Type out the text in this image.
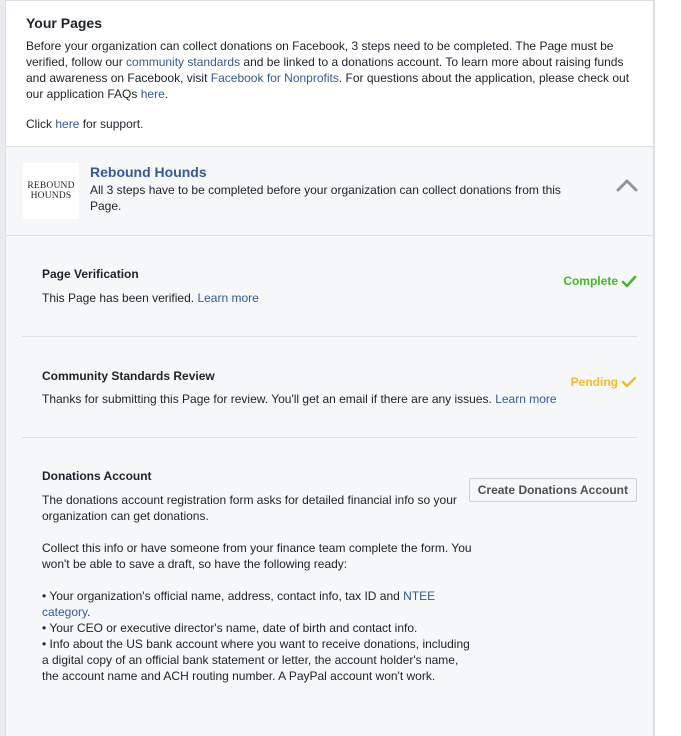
Your Pages

Before your organization can collect donations on Facebook, 3 steps need to be completed. The Page must be verified, follow our community standards and be linked to a donations account. To learn more about raising funds and awareness on Facebook, visit Facebook for Nonprofits. For questions about the application, please check out our application FAQs here.

Click here for support.

REBOUND
HOUNDS
Rebound Hounds
All 3 steps have to be completed before your organization can collect donations from this Page.
Page Verification
This Page has been verified. Learn more
Complete
Community Standards Review
Thanks for submitting this Page for review. You'll get an email if there are any issues. Learn more
Pending
Donations Account
Create Donations Account

The donations account registration form asks for detailed financial info so your organization can get donations.

Collect this info or have someone from your finance team complete the form. You won't be able to save a draft, so have the following ready:

• Your organization's official name, address, contact info, tax ID and NTEE category.
• Your CEO or executive director's name, date of birth and contact info.
• Info about the US bank account where you want to receive donations, including a digital copy of an official bank statement or letter, the account holder's name, the account name and ACH routing number. A PayPal account won't work.
